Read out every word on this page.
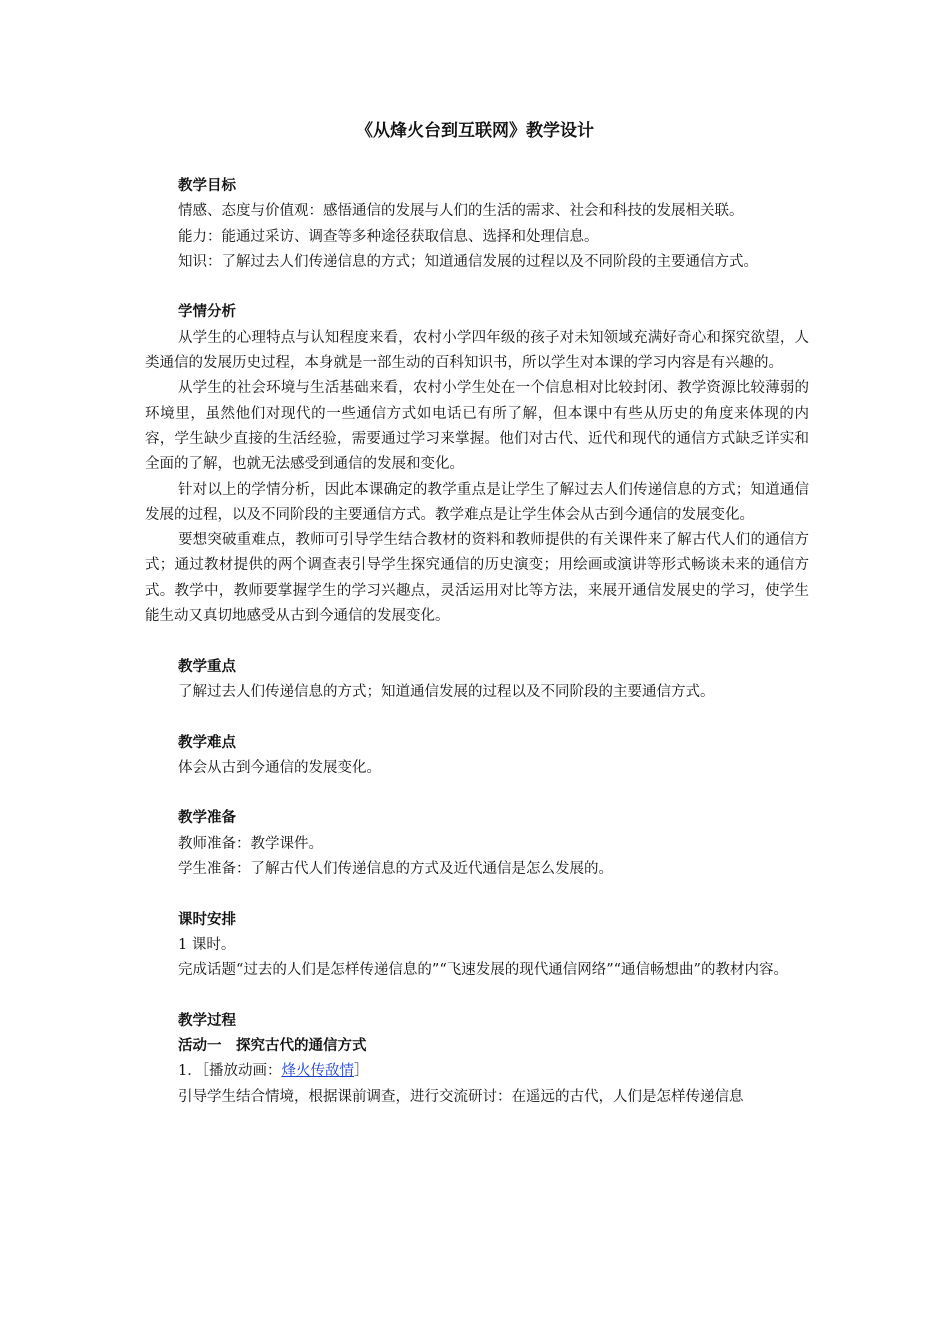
《从烽火台到互联网》教学设计

教学目标

情感、态度与价值观：感悟通信的发展与人们的生活的需求、社会和科技的发展相关联。

能力：能通过采访、调查等多种途径获取信息、选择和处理信息。

知识：了解过去人们传递信息的方式；知道通信发展的过程以及不同阶段的主要通信方式。

学情分析

从学生的心理特点与认知程度来看，农村小学四年级的孩子对未知领域充满好奇心和探究欲望，人类通信的发展历史过程，本身就是一部生动的百科知识书，所以学生对本课的学习内容是有兴趣的。

从学生的社会环境与生活基础来看，农村小学生处在一个信息相对比较封闭、教学资源比较薄弱的环境里，虽然他们对现代的一些通信方式如电话已有所了解，但本课中有些从历史的角度来体现的内容，学生缺少直接的生活经验，需要通过学习来掌握。他们对古代、近代和现代的通信方式缺乏详实和全面的了解，也就无法感受到通信的发展和变化。

针对以上的学情分析，因此本课确定的教学重点是让学生了解过去人们传递信息的方式；知道通信发展的过程，以及不同阶段的主要通信方式。教学难点是让学生体会从古到今通信的发展变化。

要想突破重难点，教师可引导学生结合教材的资料和教师提供的有关课件来了解古代人们的通信方式；通过教材提供的两个调查表引导学生探究通信的历史演变；用绘画或演讲等形式畅谈未来的通信方式。教学中，教师要掌握学生的学习兴趣点，灵活运用对比等方法，来展开通信发展史的学习，使学生能生动又真切地感受从古到今通信的发展变化。

教学重点

了解过去人们传递信息的方式；知道通信发展的过程以及不同阶段的主要通信方式。

教学难点

体会从古到今通信的发展变化。

教学准备

教师准备：教学课件。

学生准备：了解古代人们传递信息的方式及近代通信是怎么发展的。

课时安排

1 课时。

完成话题“过去的人们是怎样传递信息的”“飞速发展的现代通信网络”“通信畅想曲”的教材内容。

教学过程

活动一　探究古代的通信方式

1．［播放动画：烽火传敌情］

引导学生结合情境，根据课前调查，进行交流研讨：在遥远的古代，人们是怎样传递信息
